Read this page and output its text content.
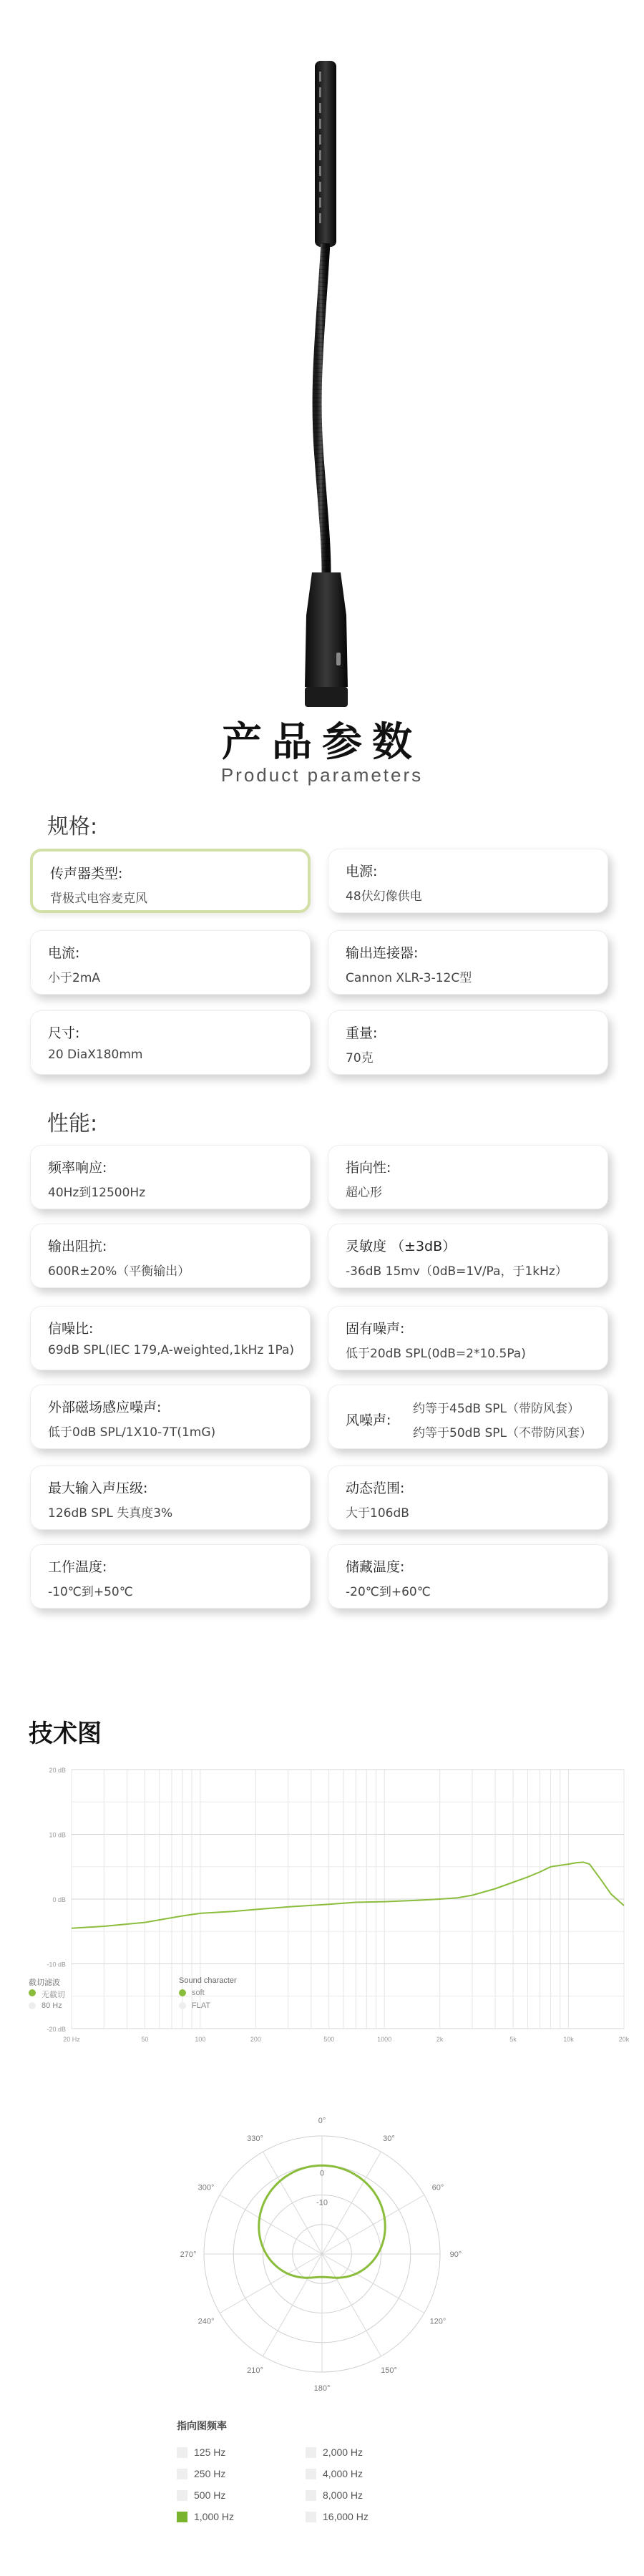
产品参数
Product parameters
规格:
传声器类型:
背极式电容麦克风
电源:
48伏幻像供电
电流:
小于2mA
输出连接器:
Cannon XLR-3-12C型
尺寸:
20 DiaX180mm
重量:
70克
性能:
频率响应:
40Hz到12500Hz
指向性:
超心形
输出阻抗:
600R±20%（平衡输出）
灵敏度 （±3dB）
-36dB 15mv（0dB=1V/Pa，于1kHz）
信噪比:
69dB SPL(IEC 179,A-weighted,1kHz 1Pa)
固有噪声:
低于20dB SPL(0dB=2*10.5Pa)
外部磁场感应噪声:
低于0dB SPL/1X10-7T(1mG)
风噪声:
约等于45dB SPL（带防风套）
约等于50dB SPL（不带防风套）
最大输入声压级:
126dB SPL 失真度3%
动态范围:
大于106dB
工作温度:
-10℃到+50℃
储藏温度:
-20℃到+60℃
技术图
20 dB
10 dB
0 dB
-10 dB
-20 dB
20 Hz	50	100	200	500	1000	2k	5k	10k	20k
截切滤波
无截切
80 Hz
Sound character
soft
FLAT
0°
30°
60°
90°
120°
150°
180°
210°
240°
270°
300°
330°
0
-10
指向图频率
125 Hz	2,000 Hz
250 Hz	4,000 Hz
500 Hz	8,000 Hz
1,000 Hz	16,000 Hz
